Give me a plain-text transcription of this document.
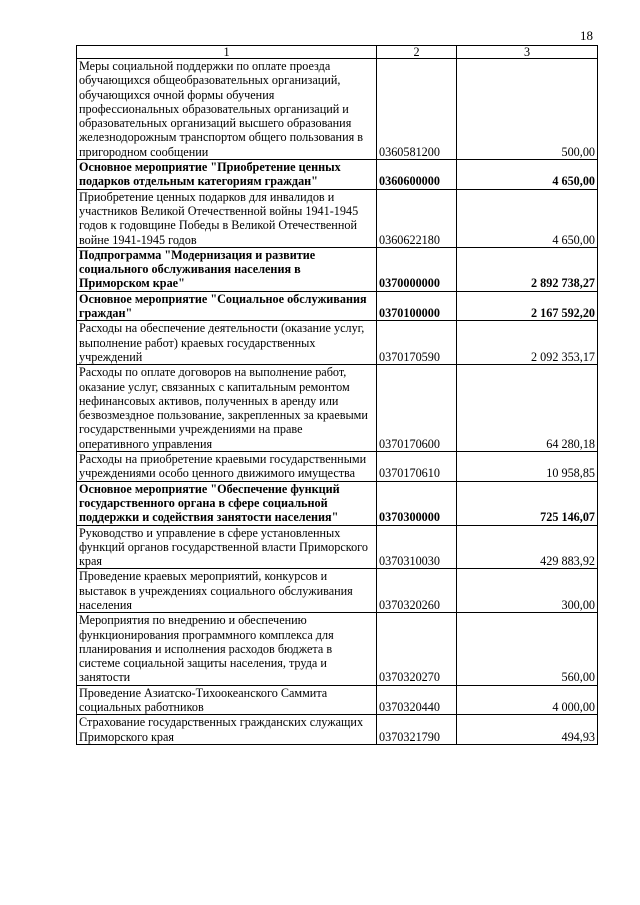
18
1	2	3
Меры социальной поддержки по оплате проезда обучающихся общеобразовательных организаций, обучающихся очной формы обучения профессиональных образовательных организаций и образовательных организаций высшего образования железнодорожным транспортом общего пользования в пригородном сообщении	0360581200	500,00
Основное мероприятие "Приобретение ценных подарков отдельным категориям граждан"	0360600000	4 650,00
Приобретение ценных подарков для инвалидов и участников Великой Отечественной войны 1941-1945 годов к годовщине Победы в Великой Отечественной войне 1941-1945 годов	0360622180	4 650,00
Подпрограмма "Модернизация и развитие социального обслуживания населения в Приморском крае"	0370000000	2 892 738,27
Основное мероприятие "Социальное обслуживания граждан"	0370100000	2 167 592,20
Расходы на обеспечение деятельности (оказание услуг, выполнение работ) краевых государственных учреждений	0370170590	2 092 353,17
Расходы по оплате договоров на выполнение работ, оказание услуг, связанных с капитальным ремонтом нефинансовых активов, полученных в аренду или безвозмездное пользование, закрепленных за краевыми государственными учреждениями на праве оперативного управления	0370170600	64 280,18
Расходы на приобретение краевыми государственными учреждениями особо ценного движимого имущества	0370170610	10 958,85
Основное мероприятие "Обеспечение функций государственного органа в сфере социальной поддержки и содействия занятости населения"	0370300000	725 146,07
Руководство и управление в сфере установленных функций органов государственной власти Приморского края	0370310030	429 883,92
Проведение краевых мероприятий, конкурсов и выставок в учреждениях социального обслуживания населения	0370320260	300,00
Мероприятия по внедрению и обеспечению функционирования программного комплекса для планирования и исполнения расходов бюджета в системе социальной защиты населения, труда и занятости	0370320270	560,00
Проведение Азиатско-Тихоокеанского Саммита социальных работников	0370320440	4 000,00
Страхование государственных гражданских служащих Приморского края	0370321790	494,93
